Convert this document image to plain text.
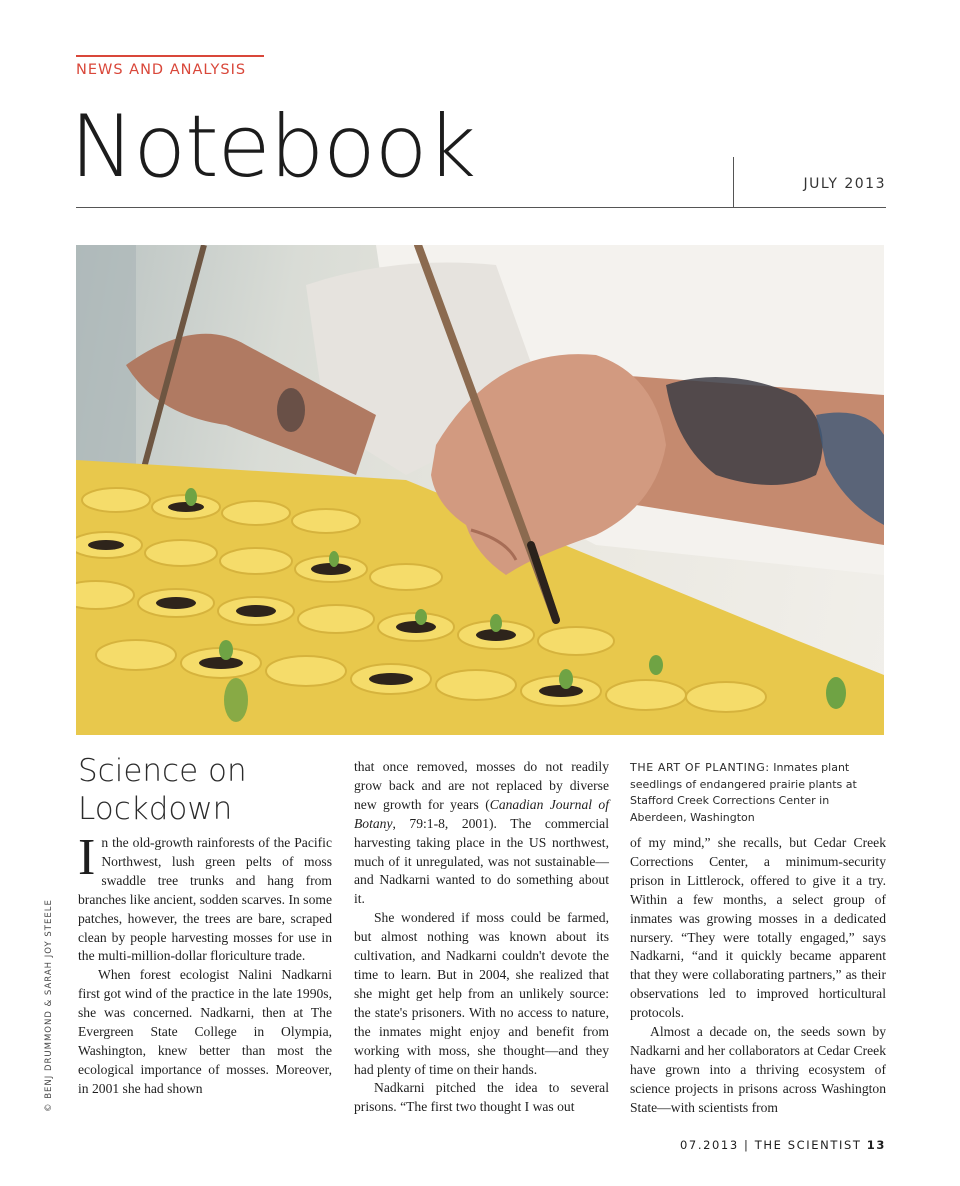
NEWS AND ANALYSIS
Notebook	JULY 2013
© BENJ DRUMMOND & SARAH JOY STEELE
Science on Lockdown

In the old-growth rainforests of the Pacific Northwest, lush green pelts of moss swaddle tree trunks and hang from branches like ancient, sodden scarves. In some patches, however, the trees are bare, scraped clean by people harvesting mosses for use in the multi-million-dollar floriculture trade.

When forest ecologist Nalini Nadkarni first got wind of the practice in the late 1990s, she was concerned. Nadkarni, then at The Evergreen State College in Olympia, Washington, knew better than most the ecological importance of mosses. Moreover, in 2001 she had shown

that once removed, mosses do not readily grow back and are not replaced by diverse new growth for years (Canadian Journal of Botany, 79:1-8, 2001). The commercial harvesting taking place in the US northwest, much of it unregulated, was not sustainable—and Nadkarni wanted to do something about it.

She wondered if moss could be farmed, but almost nothing was known about its cultivation, and Nadkarni couldn't devote the time to learn. But in 2004, she realized that she might get help from an unlikely source: the state's prisoners. With no access to nature, the inmates might enjoy and benefit from working with moss, she thought—and they had plenty of time on their hands.

Nadkarni pitched the idea to several prisons. “The first two thought I was out

THE ART OF PLANTING: Inmates plant seedlings of endangered prairie plants at Stafford Creek Corrections Center in Aberdeen, Washington

of my mind,” she recalls, but Cedar Creek Corrections Center, a minimum-security prison in Littlerock, offered to give it a try. Within a few months, a select group of inmates was growing mosses in a dedicated nursery. “They were totally engaged,” says Nadkarni, “and it quickly became apparent that they were collaborating partners,” as their observations led to improved horticultural protocols.

Almost a decade on, the seeds sown by Nadkarni and her collaborators at Cedar Creek have grown into a thriving ecosystem of science projects in prisons across Washington State—with scientists from

07.2013 | THE SCIENTIST 13
